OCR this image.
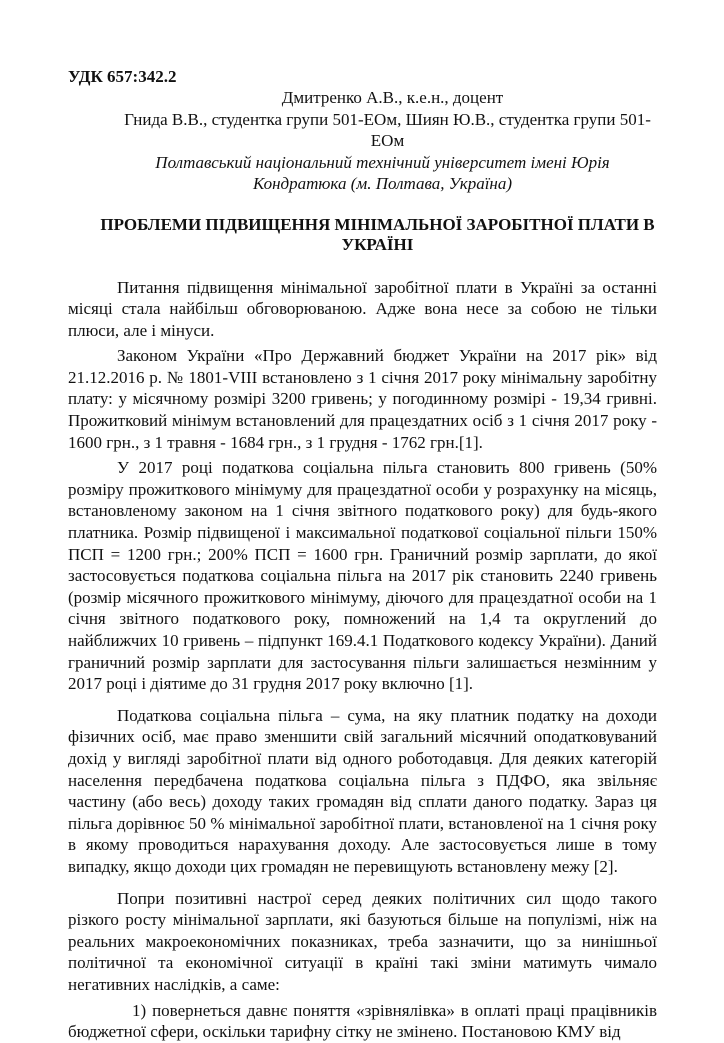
УДК 657:342.2

Дмитренко А.В., к.е.н., доцент

Гнида В.В., студентка групи 501-ЕОм, Шиян Ю.В., студентка групи 501-ЕОм

Полтавський національний технічний університет імені Юрія Кондратюка (м. Полтава, Україна)

ПРОБЛЕМИ ПІДВИЩЕННЯ МІНІМАЛЬНОЇ ЗАРОБІТНОЇ ПЛАТИ В УКРАЇНІ

Питання підвищення мінімальної заробітної плати в Україні за останні місяці стала найбільш обговорюваною. Адже вона несе за собою не тільки плюси, але і мінуси.

Законом України «Про Державний бюджет України на 2017 рік» від 21.12.2016 р. № 1801-VIII встановлено з 1 січня 2017 року мінімальну заробітну плату: у місячному розмірі 3200 гривень; у погодинному розмірі - 19,34 гривні. Прожитковий мінімум встановлений для працездатних осіб з 1 січня 2017 року - 1600 грн., з 1 травня - 1684 грн., з 1 грудня - 1762 грн.[1].

У 2017 році податкова соціальна пільга становить 800 гривень (50% розміру прожиткового мінімуму для працездатної особи у розрахунку на місяць, встановленому законом на 1 січня звітного податкового року) для будь-якого платника. Розмір підвищеної і максимальної податкової соціальної пільги 150% ПСП = 1200 грн.; 200% ПСП = 1600 грн. Граничний розмір зарплати, до якої застосовується податкова соціальна пільга на 2017 рік становить 2240 гривень (розмір місячного прожиткового мінімуму, діючого для працездатної особи на 1 січня звітного податкового року, помножений на 1,4 та округлений до найближчих 10 гривень – підпункт 169.4.1 Податкового кодексу України). Даний граничний розмір зарплати для застосування пільги залишається незмінним у 2017 році і діятиме до 31 грудня 2017 року включно [1].

Податкова соціальна пільга – сума, на яку платник податку на доходи фізичних осіб, має право зменшити свій загальний місячний оподатковуваний дохід у вигляді заробітної плати від одного роботодавця. Для деяких категорій населення передбачена податкова соціальна пільга з ПДФО, яка звільняє частину (або весь) доходу таких громадян від сплати даного податку. Зараз ця пільга дорівнює 50 % мінімальної заробітної плати, встановленої на 1 січня року в якому проводиться нарахування доходу. Але застосовується лише в тому випадку, якщо доходи цих громадян не перевищують встановлену межу [2].

Попри позитивні настрої серед деяких політичних сил щодо такого різкого росту мінімальної зарплати, які базуються більше на популізмі, ніж на реальних макроекономічних показниках, треба зазначити, що за нинішньої політичної та економічної ситуації в країні такі зміни матимуть чимало негативних наслідків, а саме:

1) повернеться давнє поняття «зрівнялівка» в оплаті праці працівників бюджетної сфери, оскільки тарифну сітку не змінено. Постановою КМУ від
